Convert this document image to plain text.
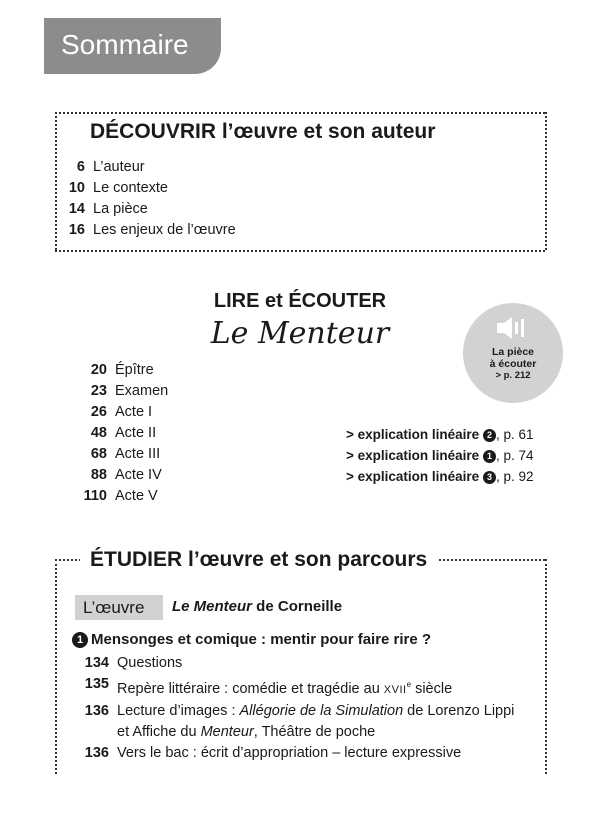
Sommaire
DÉCOUVRIR l’œuvre et son auteur
6 L’auteur
10 Le contexte
14 La pièce
16 Les enjeux de l’œuvre
LIRE et ÉCOUTER
Le Menteur
La pièce
à écouter
> p. 212
20 Épître
23 Examen
26 Acte I
48 Acte II
68 Acte III
88 Acte IV
110 Acte V
> explication linéaire 2 , p. 61
> explication linéaire 1 , p. 74
> explication linéaire 3 , p. 92
ÉTUDIER l’œuvre et son parcours
L’œuvre	Le Menteur de Corneille
1 Mensonges et comique : mentir pour faire rire ?
134 Questions
135 Repère littéraire : comédie et tragédie au XVIIe siècle
136 Lecture d’images : Allégorie de la Simulation de Lorenzo Lippi
et Affiche du Menteur, Théâtre de poche
136 Vers le bac : écrit d’appropriation – lecture expressive
